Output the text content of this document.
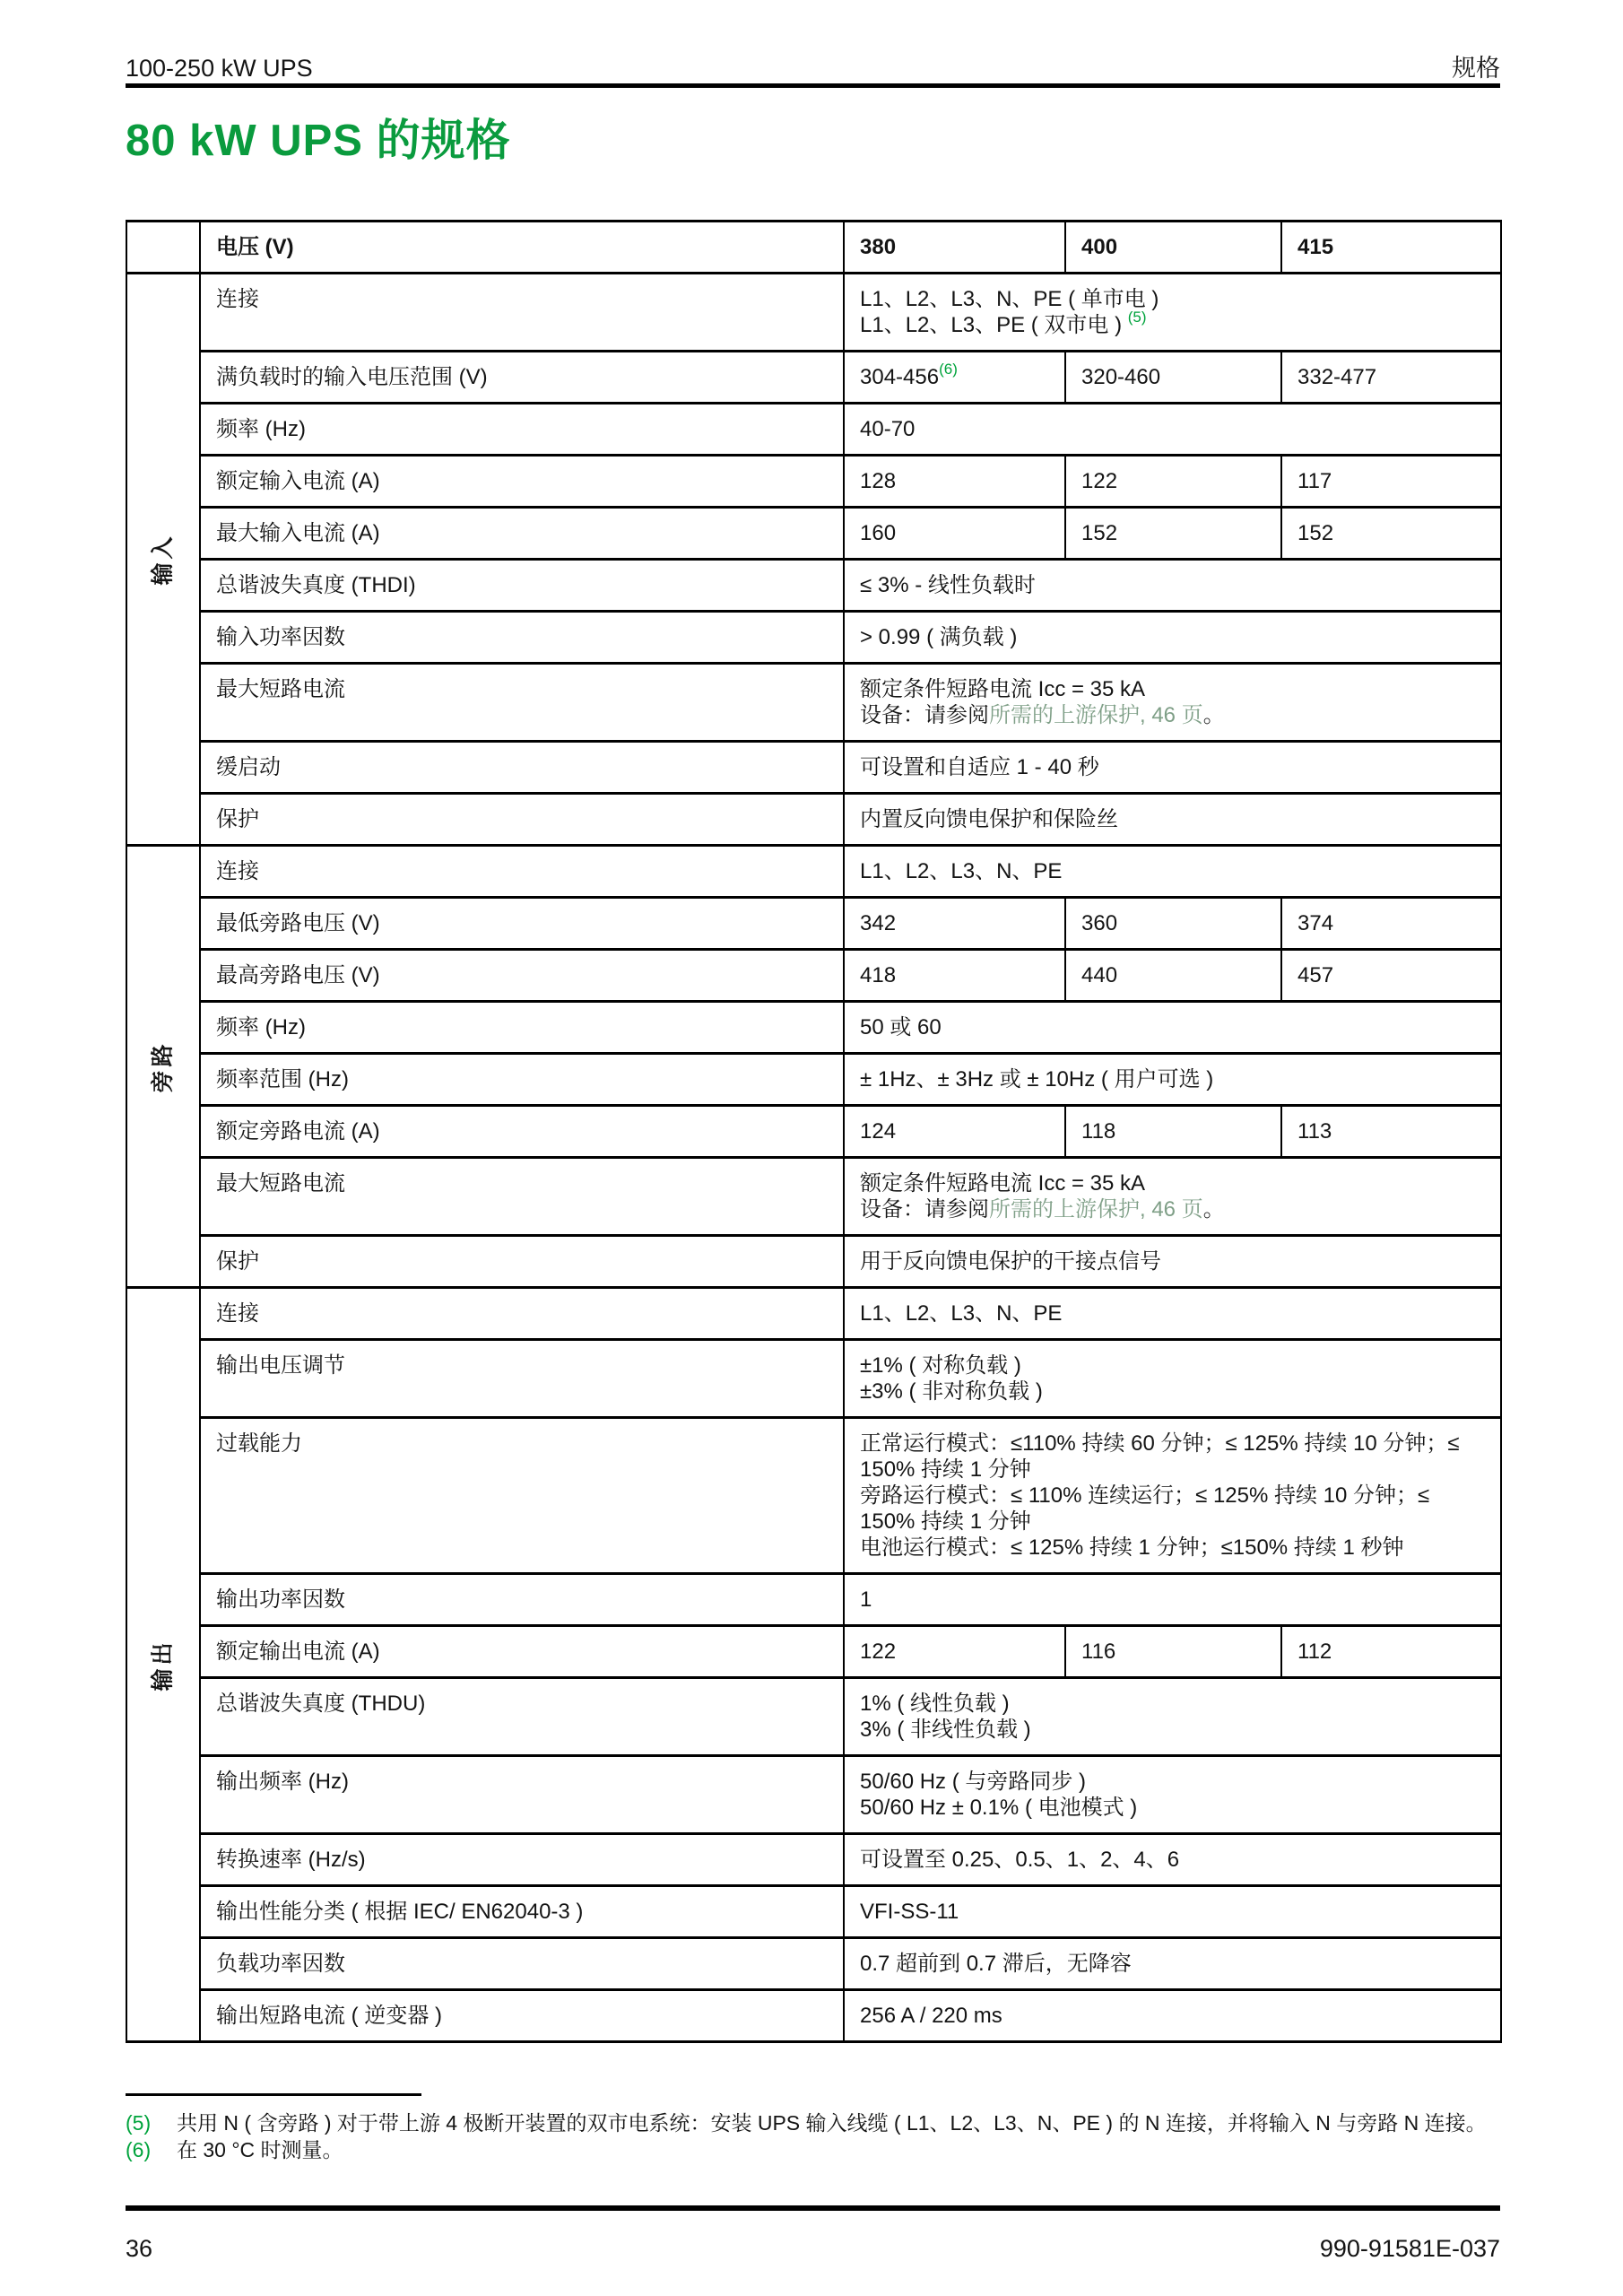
100-250 kW UPS	规格
80 kW UPS 的规格
	电压 (V)	380	400	415
输入	连接	L1、L2、L3、N、PE ( 单市电 )
L1、L2、L3、PE ( 双市电 ) $^{(5)}$

	满负载时的输入电压范围 (V)	304-456$^{(6)}$	320-460	332-477

	频率 (Hz)	40-70		

	额定输入电流 (A)	128	122	117

	最大输入电流 (A)	160	152	152

	总谐波失真度 (THDI)	≤ 3% - 线性负载时		

	输入功率因数	> 0.99 ( 满负载 )		

	最大短路电流	额定条件短路电流 Icc = 35 kA
设备：请参阅所需的上游保护, 46 页。		

	缓启动	可设置和自适应 1 - 40 秒		

	保护	内置反向馈电保护和保险丝		

旁路	连接	L1、L2、L3、N、PE		

	最低旁路电压 (V)	342	360	374

	最高旁路电压 (V)	418	440	457

	频率 (Hz)	50 或 60		

	频率范围 (Hz)	± 1Hz、± 3Hz 或 ± 10Hz ( 用户可选 )		

	额定旁路电流 (A)	124	118	113

	最大短路电流	额定条件短路电流 Icc = 35 kA
设备：请参阅所需的上游保护, 46 页。		

	保护	用于反向馈电保护的干接点信号		

输出	连接	L1、L2、L3、N、PE		

	输出电压调节	±1% ( 对称负载 )
±3% ( 非对称负载 )		

	过载能力	正常运行模式：≤110% 持续 60 分钟；≤ 125% 持续 10 分钟；≤ 150% 持续 1 分钟
旁路运行模式：≤ 110% 连续运行；≤ 125% 持续 10 分钟；≤ 150% 持续 1 分钟
电池运行模式：≤ 125% 持续 1 分钟；≤150% 持续 1 秒钟		

	输出功率因数	1		

	额定输出电流 (A)	122	116	112

	总谐波失真度 (THDU)	1% ( 线性负载 )
3% ( 非线性负载 )		

	输出频率 (Hz)	50/60 Hz ( 与旁路同步 )
50/60 Hz ± 0.1% ( 电池模式 )		

	转换速率 (Hz/s)	可设置至 0.25、0.5、1、2、4、6		

	输出性能分类 ( 根据 IEC/ EN62040-3 )	VFI-SS-11		

	负载功率因数	0.7 超前到 0.7 滞后，无降容		

	输出短路电流 ( 逆变器 )	256 A / 220 ms		
(5)	共用 N ( 含旁路 ) 对于带上游 4 极断开装置的双市电系统：安装 UPS 输入线缆 ( L1、L2、L3、N、PE ) 的 N 连接，并将输入 N 与旁路 N 连接。
(6)	在 30 °C 时测量。
36	990-91581E-037
